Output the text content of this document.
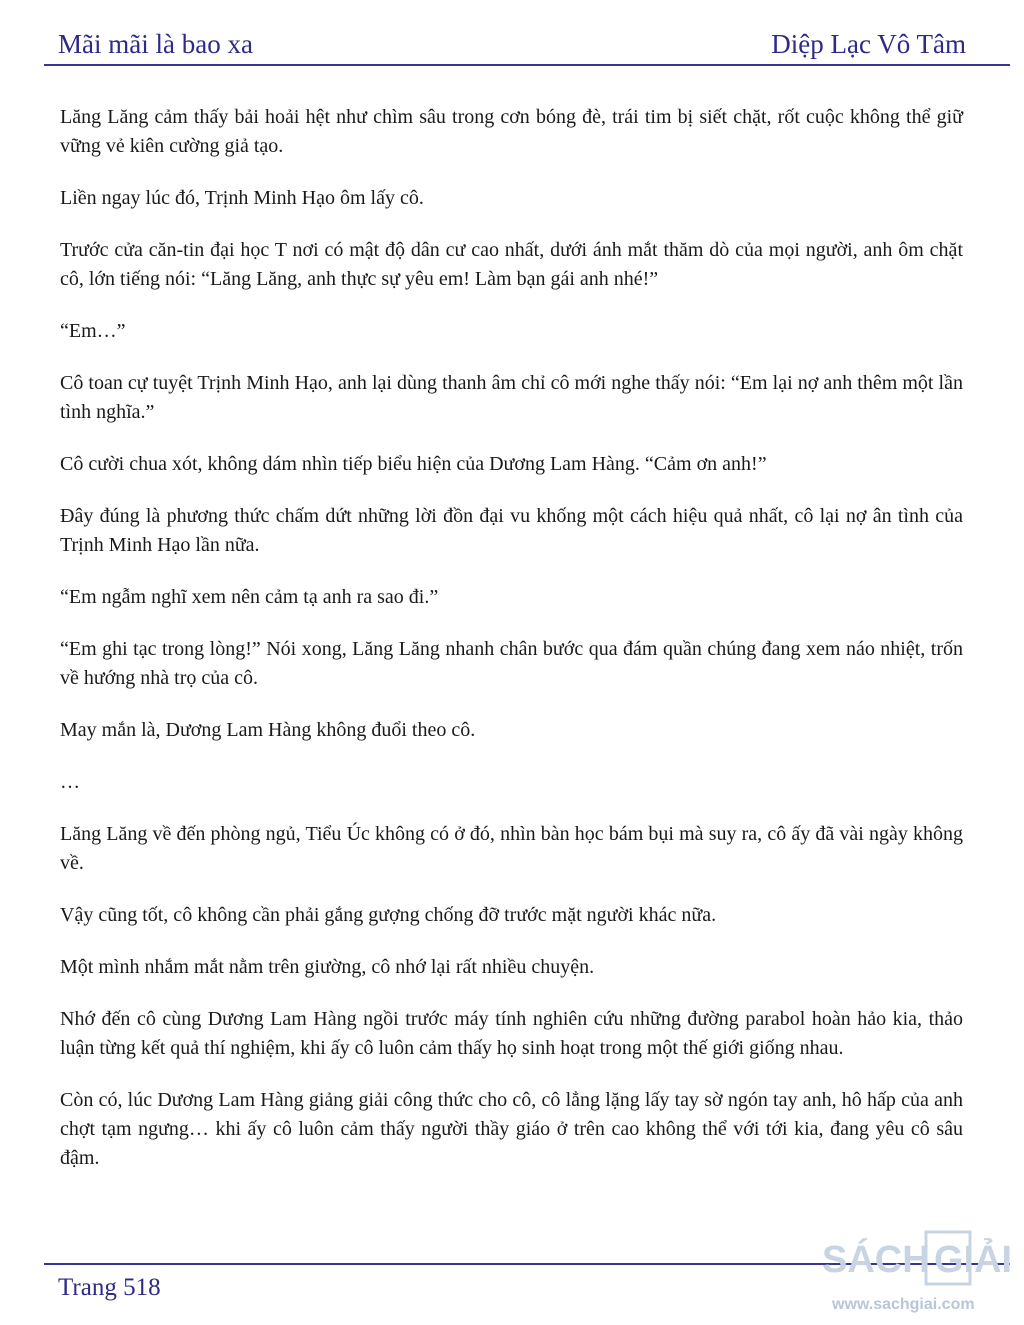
Mãi mãi là bao xa	Diệp Lạc Vô Tâm

Lăng Lăng cảm thấy bải hoải hệt như chìm sâu trong cơn bóng đè, trái tim bị siết chặt, rốt cuộc không thể giữ vững vẻ kiên cường giả tạo.

Liền ngay lúc đó, Trịnh Minh Hạo ôm lấy cô.

Trước cửa căn-tin đại học T nơi có mật độ dân cư cao nhất, dưới ánh mắt thăm dò của mọi người, anh ôm chặt cô, lớn tiếng nói: “Lăng Lăng, anh thực sự yêu em! Làm bạn gái anh nhé!”

“Em…”

Cô toan cự tuyệt Trịnh Minh Hạo, anh lại dùng thanh âm chỉ cô mới nghe thấy nói: “Em lại nợ anh thêm một lần tình nghĩa.”

Cô cười chua xót, không dám nhìn tiếp biểu hiện của Dương Lam Hàng. “Cảm ơn anh!”

Đây đúng là phương thức chấm dứt những lời đồn đại vu khống một cách hiệu quả nhất, cô lại nợ ân tình của Trịnh Minh Hạo lần nữa.

“Em ngẫm nghĩ xem nên cảm tạ anh ra sao đi.”

“Em ghi tạc trong lòng!” Nói xong, Lăng Lăng nhanh chân bước qua đám quần chúng đang xem náo nhiệt, trốn về hướng nhà trọ của cô.

May mắn là, Dương Lam Hàng không đuổi theo cô.

…

Lăng Lăng về đến phòng ngủ, Tiểu Úc không có ở đó, nhìn bàn học bám bụi mà suy ra, cô ấy đã vài ngày không về.

Vậy cũng tốt, cô không cần phải gắng gượng chống đỡ trước mặt người khác nữa.

Một mình nhắm mắt nằm trên giường, cô nhớ lại rất nhiều chuyện.

Nhớ đến cô cùng Dương Lam Hàng ngồi trước máy tính nghiên cứu những đường parabol hoàn hảo kia, thảo luận từng kết quả thí nghiệm, khi ấy cô luôn cảm thấy họ sinh hoạt trong một thế giới giống nhau.

Còn có, lúc Dương Lam Hàng giảng giải công thức cho cô, cô lẳng lặng lấy tay sờ ngón tay anh, hô hấp của anh chợt tạm ngưng… khi ấy cô luôn cảm thấy người thầy giáo ở trên cao không thể với tới kia, đang yêu cô sâu đậm.

Trang 518
SÁCH GIẢI
www.sachgiai.com
